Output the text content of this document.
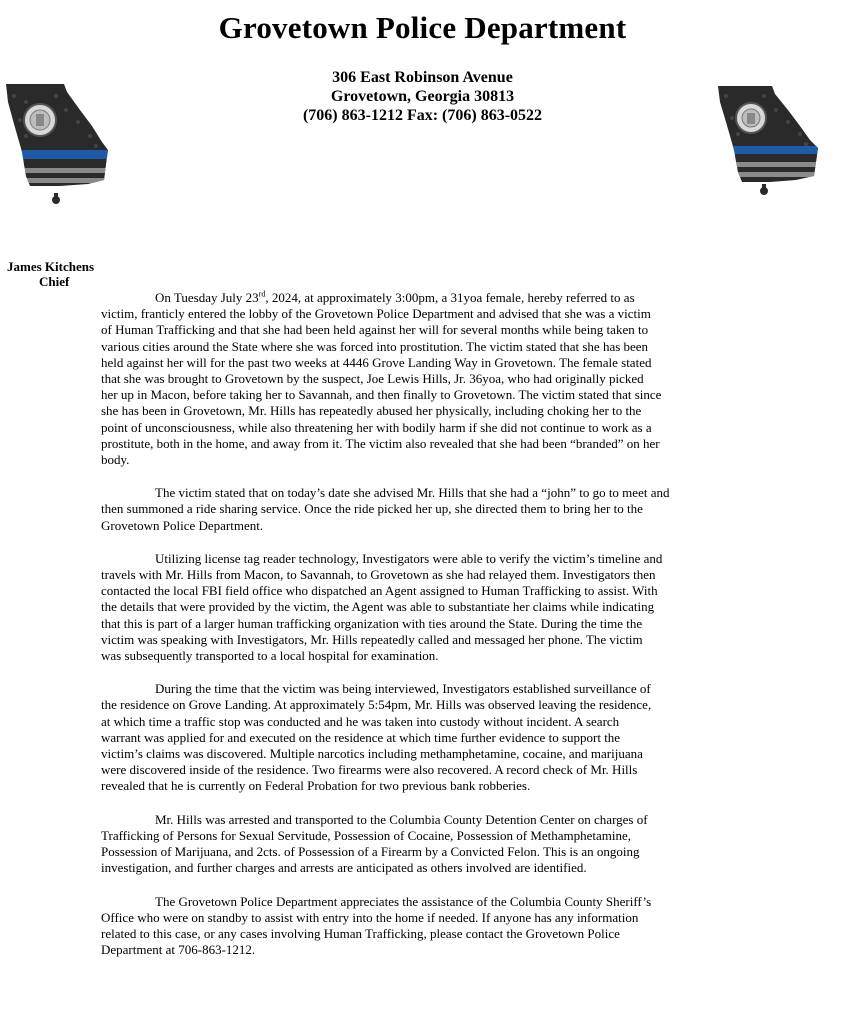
Grovetown Police Department
306 East Robinson Avenue
Grovetown, Georgia 30813
(706) 863-1212 Fax: (706) 863-0522
James Kitchens
Chief

On Tuesday July 23rd, 2024, at approximately 3:00pm, a 31yoa female, hereby referred to as
victim, franticly entered the lobby of the Grovetown Police Department and advised that she was a victim
of Human Trafficking and that she had been held against her will for several months while being taken to
various cities around the State where she was forced into prostitution. The victim stated that she has been
held against her will for the past two weeks at 4446 Grove Landing Way in Grovetown. The female stated
that she was brought to Grovetown by the suspect, Joe Lewis Hills, Jr. 36yoa, who had originally picked
her up in Macon, before taking her to Savannah, and then finally to Grovetown. The victim stated that since
she has been in Grovetown, Mr. Hills has repeatedly abused her physically, including choking her to the
point of unconsciousness, while also threatening her with bodily harm if she did not continue to work as a
prostitute, both in the home, and away from it. The victim also revealed that she had been “branded” on her
body.

The victim stated that on today’s date she advised Mr. Hills that she had a “john” to go to meet and
then summoned a ride sharing service. Once the ride picked her up, she directed them to bring her to the
Grovetown Police Department.

Utilizing license tag reader technology, Investigators were able to verify the victim’s timeline and
travels with Mr. Hills from Macon, to Savannah, to Grovetown as she had relayed them. Investigators then
contacted the local FBI field office who dispatched an Agent assigned to Human Trafficking to assist. With
the details that were provided by the victim, the Agent was able to substantiate her claims while indicating
that this is part of a larger human trafficking organization with ties around the State. During the time the
victim was speaking with Investigators, Mr. Hills repeatedly called and messaged her phone. The victim
was subsequently transported to a local hospital for examination.

During the time that the victim was being interviewed, Investigators established surveillance of
the residence on Grove Landing. At approximately 5:54pm, Mr. Hills was observed leaving the residence,
at which time a traffic stop was conducted and he was taken into custody without incident. A search
warrant was applied for and executed on the residence at which time further evidence to support the
victim’s claims was discovered. Multiple narcotics including methamphetamine, cocaine, and marijuana
were discovered inside of the residence. Two firearms were also recovered. A record check of Mr. Hills
revealed that he is currently on Federal Probation for two previous bank robberies.

Mr. Hills was arrested and transported to the Columbia County Detention Center on charges of
Trafficking of Persons for Sexual Servitude, Possession of Cocaine, Possession of Methamphetamine,
Possession of Marijuana, and 2cts. of Possession of a Firearm by a Convicted Felon. This is an ongoing
investigation, and further charges and arrests are anticipated as others involved are identified.

The Grovetown Police Department appreciates the assistance of the Columbia County Sheriff’s
Office who were on standby to assist with entry into the home if needed. If anyone has any information
related to this case, or any cases involving Human Trafficking, please contact the Grovetown Police
Department at 706-863-1212.
